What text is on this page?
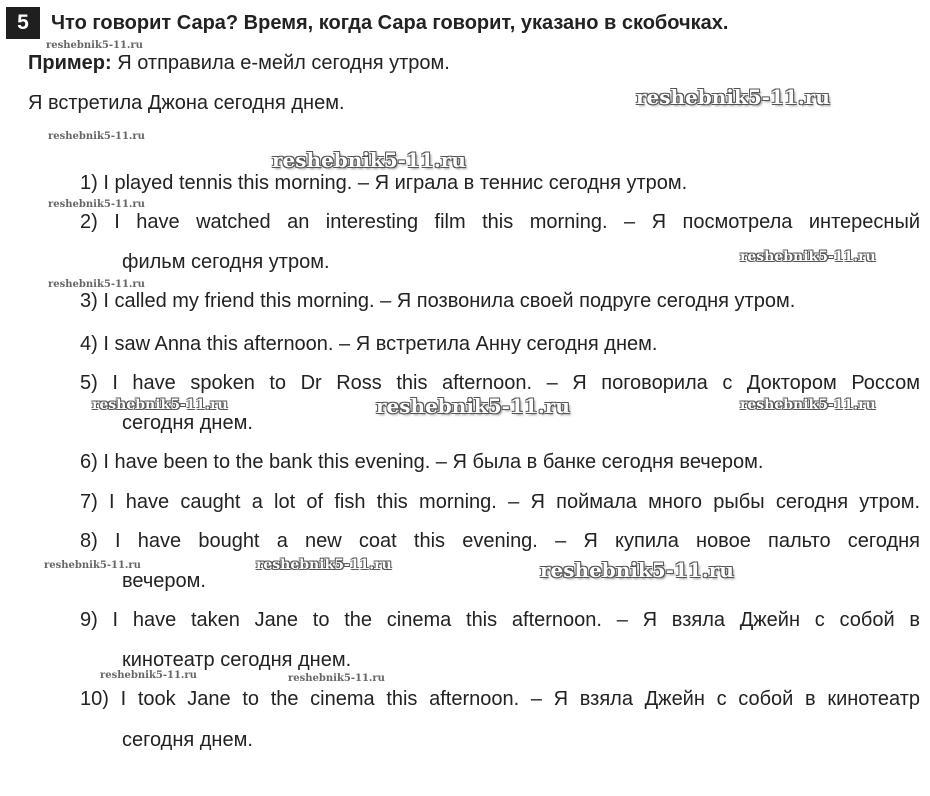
5	Что говорит Сара? Время, когда Сара говорит, указано в скобочках.
Пример: Я отправила е-мейл сегодня утром.
Я встретила Джона сегодня днем.
1) I played tennis this morning. – Я играла в теннис сегодня утром.
2) I have watched an interesting film this morning. – Я посмотрела интересный
фильм сегодня утром.
3) I called my friend this morning. – Я позвонила своей подруге сегодня утром.
4) I saw Anna this afternoon. – Я встретила Анну сегодня днем.
5) I have spoken to Dr Ross this afternoon. – Я поговорила с Доктором Россом
сегодня днем.
6) I have been to the bank this evening. – Я была в банке сегодня вечером.
7) I have caught a lot of fish this morning. – Я поймала много рыбы сегодня утром.
8) I have bought a new coat this evening. – Я купила новое пальто сегодня
вечером.
9) I have taken Jane to the cinema this afternoon. – Я взяла Джейн с собой в
кинотеатр сегодня днем.
10) I took Jane to the cinema this afternoon. – Я взяла Джейн с собой в кинотеатр
сегодня днем.
reshebnik5-11.ru
reshebnik5-11.ru
reshebnik5-11.ru
reshebnik5-11.ru
reshebnik5-11.ru
reshebnik5-11.ru
reshebnik5-11.ru
reshebnik5-11.ru	reshebnik5-11.ru	reshebnik5-11.ru
reshebnik5-11.ru	reshebnik5-11.ru	reshebnik5-11.ru
reshebnik5-11.ru	reshebnik5-11.ru
